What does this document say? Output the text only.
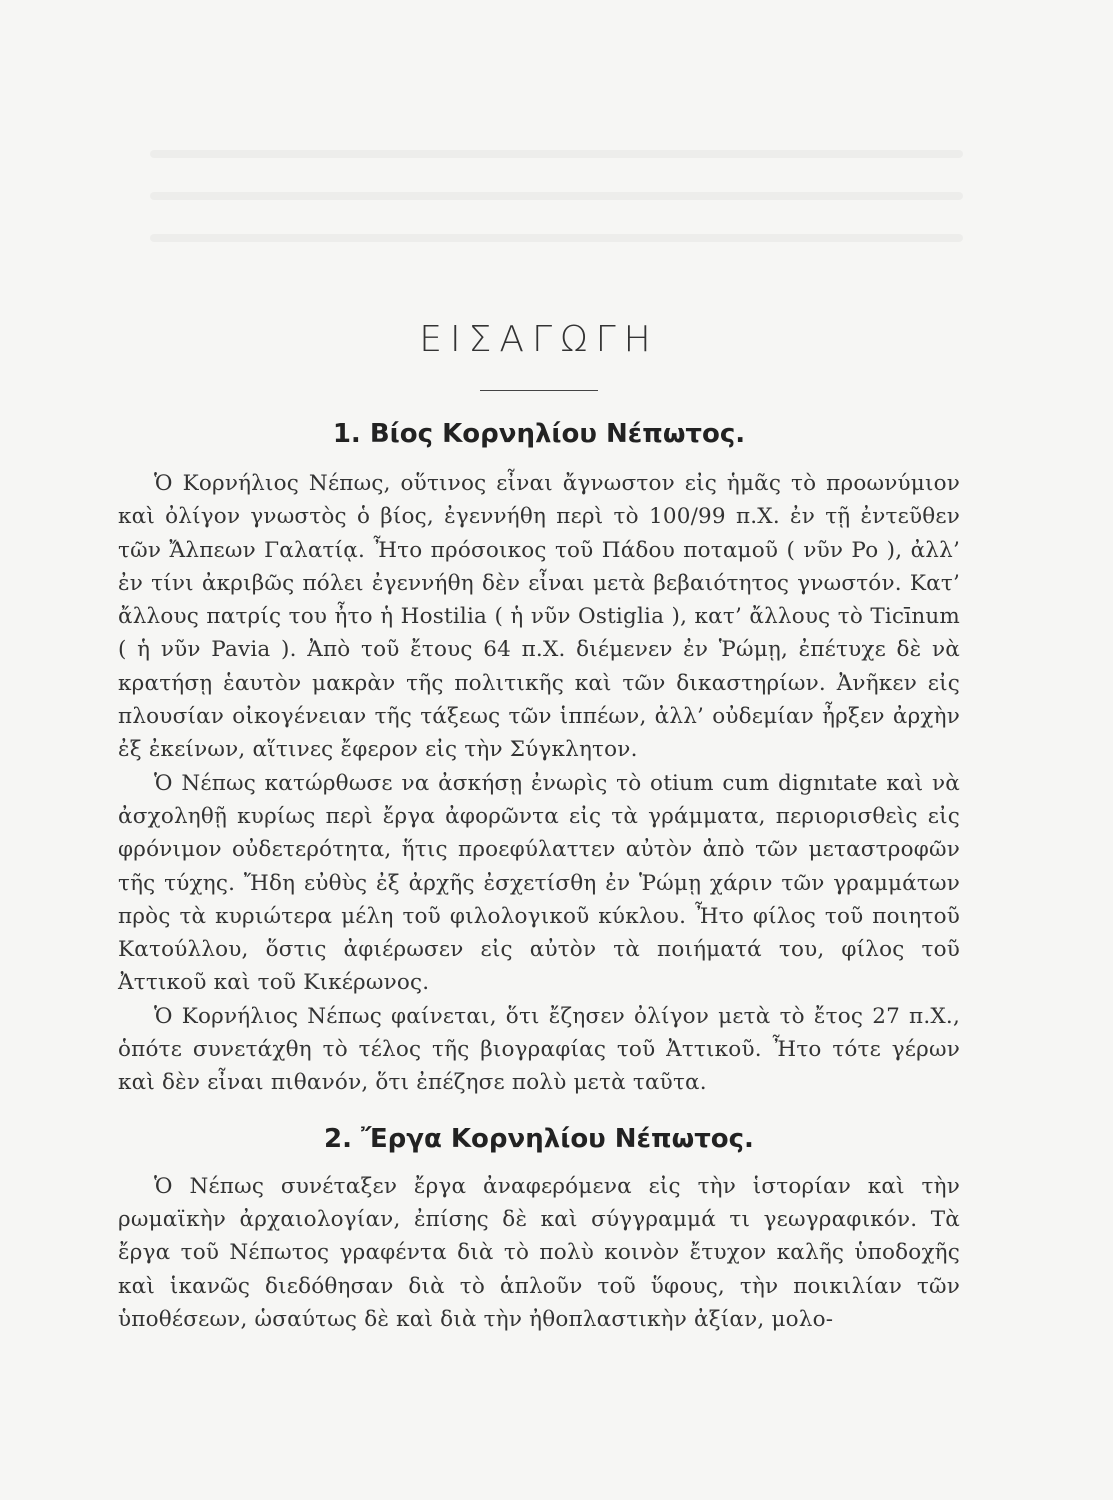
ΕΙΣΑΓΩΓΗ
1. Βίος Κορνηλίου Νέπωτος.

Ὁ Κορνήλιος Νέπως, οὕτινος εἶναι ἄγνωστον εἰς ἡμᾶς τὸ προωνύμιον καὶ ὀλίγον γνωστὸς ὁ βίος, ἐγεννήθη περὶ τὸ 100/99 π.Χ. ἐν τῇ ἐντεῦθεν τῶν Ἄλπεων Γαλατίᾳ. Ἦτο πρόσοικος τοῦ Πάδου ποταμοῦ ( νῦν Po ), ἀλλ’ ἐν τίνι ἀκριβῶς πόλει ἐγεννήθη δὲν εἶναι μετὰ βεβαιότητος γνωστόν. Κατ’ ἄλλους πατρίς του ἦτο ἡ Hostilia ( ἡ νῦν Ostiglia ), κατ’ ἄλλους τὸ Ticīnum ( ἡ νῦν Pavia ). Ἀπὸ τοῦ ἔτους 64 π.Χ. διέμενεν ἐν Ῥώμῃ, ἐπέτυχε δὲ νὰ κρατήσῃ ἑαυτὸν μακρὰν τῆς πολιτικῆς καὶ τῶν δικαστηρίων. Ἀνῆκεν εἰς πλουσίαν οἰκογένειαν τῆς τάξεως τῶν ἱππέων, ἀλλ’ οὐδεμίαν ἦρξεν ἀρχὴν ἐξ ἐκείνων, αἵτινες ἔφερον εἰς τὴν Σύγκλητον.

Ὁ Νέπως κατώρθωσε να ἀσκήσῃ ἐνωρὶς τὸ otium cum dignıtate καὶ νὰ ἀσχοληθῇ κυρίως περὶ ἔργα ἀφορῶντα εἰς τὰ γράμματα, περιορισθεὶς εἰς φρόνιμον οὐδετερότητα, ἥτις προεφύλαττεν αὐτὸν ἀπὸ τῶν μεταστροφῶν τῆς τύχης. Ἤδη εὐθὺς ἐξ ἀρχῆς ἐσχετίσθη ἐν Ῥώμῃ χάριν τῶν γραμμάτων πρὸς τὰ κυριώτερα μέλη τοῦ φιλολογικοῦ κύκλου. Ἦτο φίλος τοῦ ποιητοῦ Κατούλλου, ὅστις ἀφιέρωσεν εἰς αὐτὸν τὰ ποιήματά του, φίλος τοῦ Ἀττικοῦ καὶ τοῦ Κικέρωνος.

Ὁ Κορνήλιος Νέπως φαίνεται, ὅτι ἔζησεν ὀλίγον μετὰ τὸ ἔτος 27 π.Χ., ὁπότε συνετάχθη τὸ τέλος τῆς βιογραφίας τοῦ Ἀττικοῦ. Ἦτο τότε γέρων καὶ δὲν εἶναι πιθανόν, ὅτι ἐπέζησε πολὺ μετὰ ταῦτα.

2. Ἔργα Κορνηλίου Νέπωτος.

Ὁ Νέπως συνέταξεν ἔργα ἀναφερόμενα εἰς τὴν ἱστορίαν καὶ τὴν ρωμαϊκὴν ἀρχαιολογίαν, ἐπίσης δὲ καὶ σύγγραμμά τι γεωγραφικόν. Τὰ ἔργα τοῦ Νέπωτος γραφέντα διὰ τὸ πολὺ κοινὸν ἔτυχον καλῆς ὑποδοχῆς καὶ ἱκανῶς διεδόθησαν διὰ τὸ ἁπλοῦν τοῦ ὕφους, τὴν ποικιλίαν τῶν ὑποθέσεων, ὡσαύτως δὲ καὶ διὰ τὴν ἠθοπλαστικὴν ἀξίαν, μολο-
